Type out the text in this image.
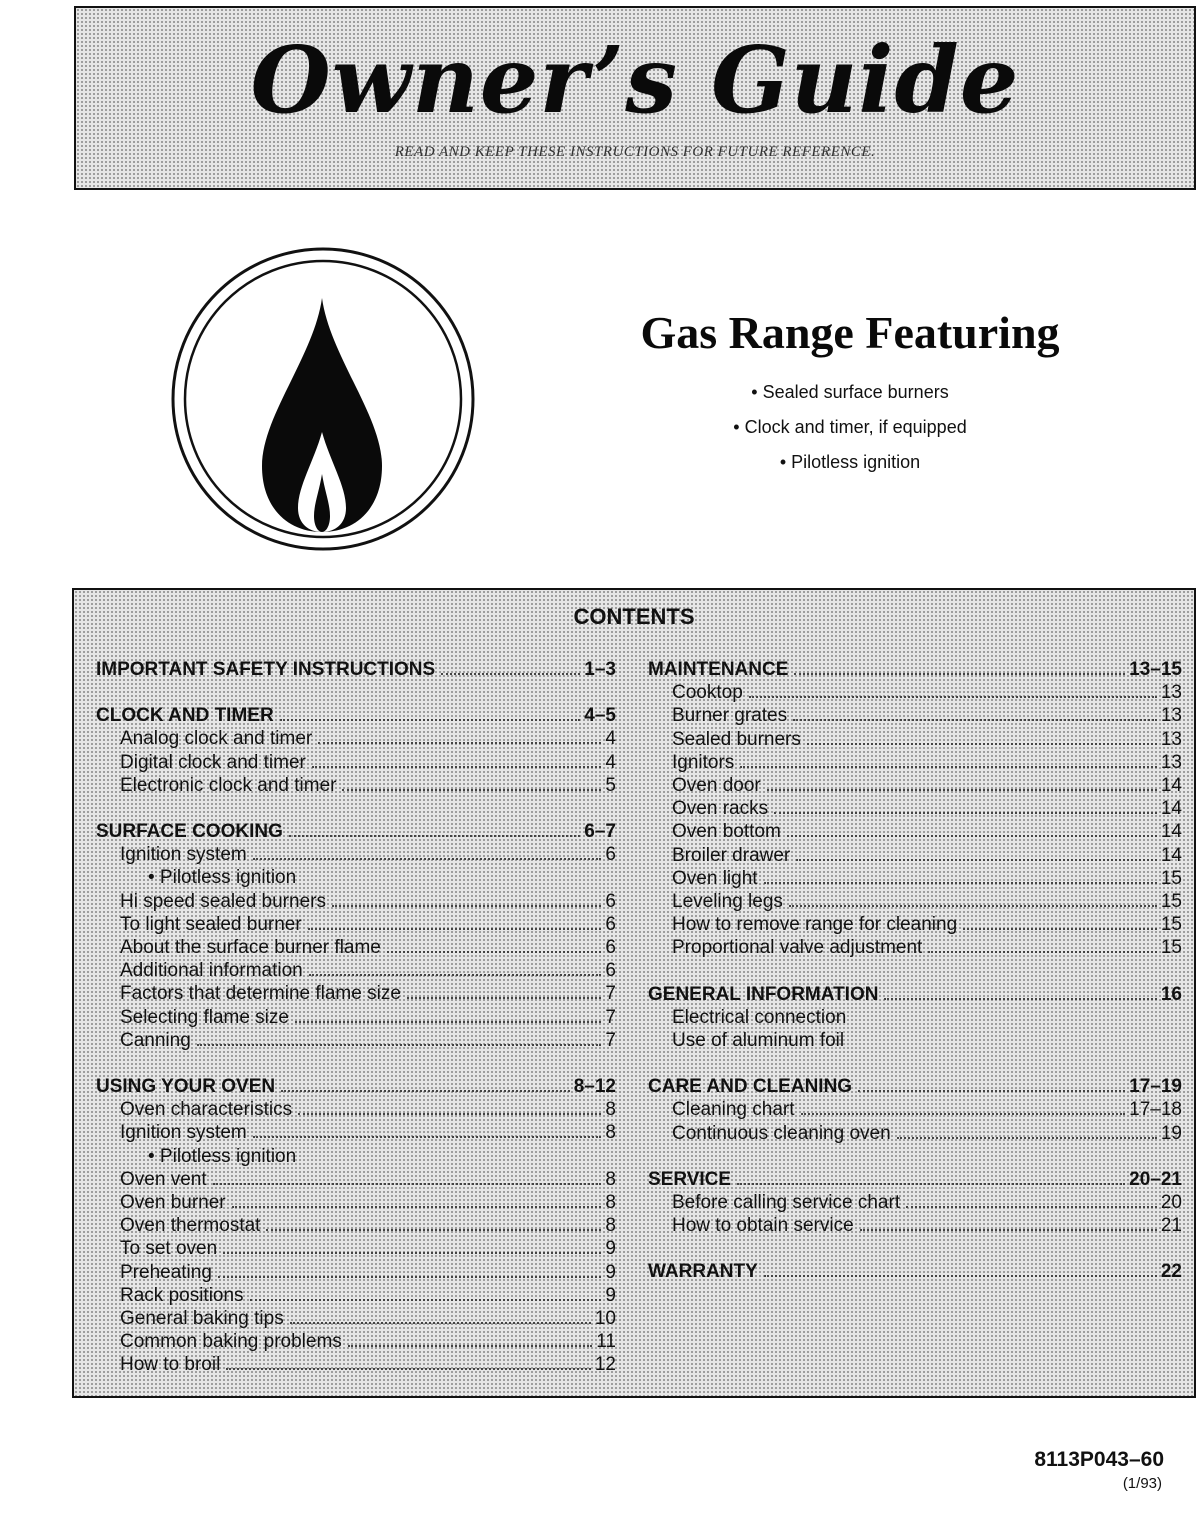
Owner’s Guide
READ AND KEEP THESE INSTRUCTIONS FOR FUTURE REFERENCE.
Gas Range Featuring
• Sealed surface burners
• Clock and timer, if equipped
• Pilotless ignition
CONTENTS
IMPORTANT SAFETY INSTRUCTIONS	1–3
CLOCK AND TIMER	4–5
Analog clock and timer	4
Digital clock and timer	4
Electronic clock and timer	5
SURFACE COOKING	6–7
Ignition system	6
• Pilotless ignition
Hi speed sealed burners	6
To light sealed burner	6
About the surface burner flame	6
Additional information	6
Factors that determine flame size	7
Selecting flame size	7
Canning	7
USING YOUR OVEN	8–12
Oven characteristics	8
Ignition system	8
• Pilotless ignition
Oven vent	8
Oven burner	8
Oven thermostat	8
To set oven	9
Preheating	9
Rack positions	9
General baking tips	10
Common baking problems	11
How to broil	12
MAINTENANCE	13–15
Cooktop	13
Burner grates	13
Sealed burners	13
Ignitors	13
Oven door	14
Oven racks	14
Oven bottom	14
Broiler drawer	14
Oven light	15
Leveling legs	15
How to remove range for cleaning	15
Proportional valve adjustment	15
GENERAL INFORMATION	16
Electrical connection
Use of aluminum foil
CARE AND CLEANING	17–19
Cleaning chart	17–18
Continuous cleaning oven	19
SERVICE	20–21
Before calling service chart	20
How to obtain service	21
WARRANTY	22
8113P043–60
(1/93)
